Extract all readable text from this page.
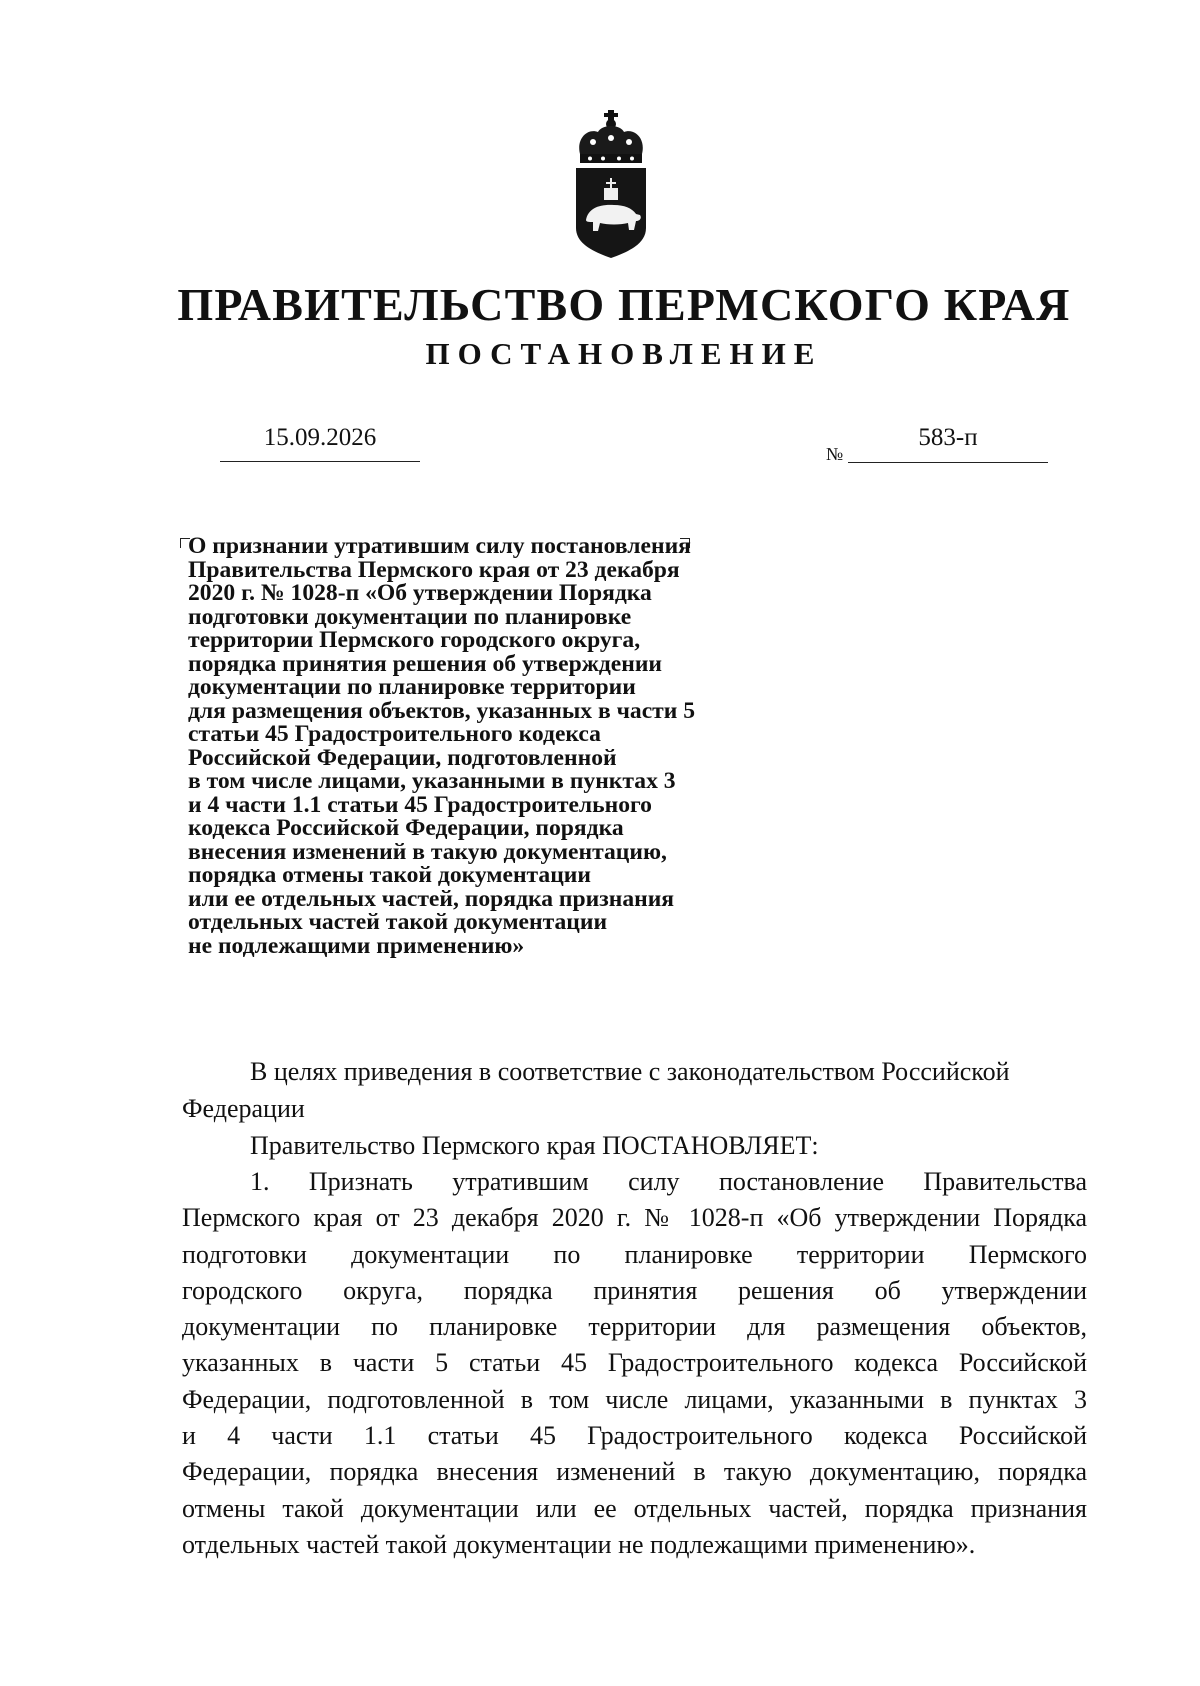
ПРАВИТЕЛЬСТВО ПЕРМСКОГО КРАЯ
ПОСТАНОВЛЕНИЕ
15.09.2026
№
583-п
О признании утратившим силу постановления
Правительства Пермского края от 23 декабря
2020 г. № 1028-п «Об утверждении Порядка
подготовки документации по планировке
территории Пермского городского округа,
порядка принятия решения об утверждении
документации по планировке территории
для размещения объектов, указанных в части 5
статьи 45 Градостроительного кодекса
Российской Федерации, подготовленной
в том числе лицами, указанными в пунктах 3
и 4 части 1.1 статьи 45 Градостроительного
кодекса Российской Федерации, порядка
внесения изменений в такую документацию,
порядка отмены такой документации
или ее отдельных частей, порядка признания
отдельных частей такой документации
не подлежащими применению»
В целях приведения в соответствие с законодательством Российской
Федерации
Правительство Пермского края ПОСТАНОВЛЯЕТ:
1. Признать утратившим силу постановление Правительства
Пермского края от 23 декабря 2020 г. № 1028-п «Об утверждении Порядка
подготовки документации по планировке территории Пермского
городского округа, порядка принятия решения об утверждении
документации по планировке территории для размещения объектов,
указанных в части 5 статьи 45 Градостроительного кодекса Российской
Федерации, подготовленной в том числе лицами, указанными в пунктах 3
и 4 части 1.1 статьи 45 Градостроительного кодекса Российской
Федерации, порядка внесения изменений в такую документацию, порядка
отмены такой документации или ее отдельных частей, порядка признания
отдельных частей такой документации не подлежащими применению».
